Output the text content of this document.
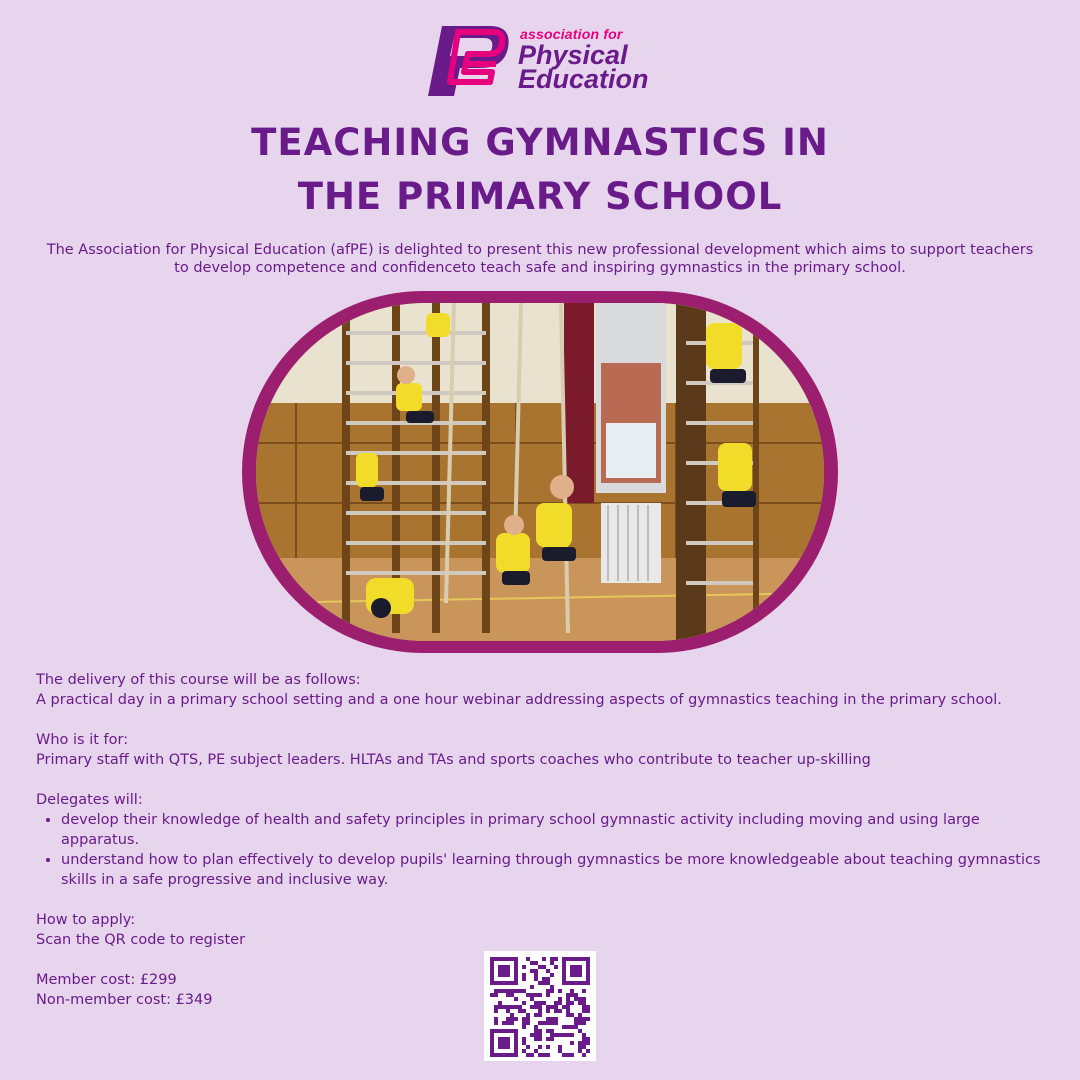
association for
Physical
Education
TEACHING GYMNASTICS IN
THE PRIMARY SCHOOL
The Association for Physical Education (afPE) is delighted to present this new professional development which aims to support teachers to develop competence and confidenceto teach safe and inspiring gymnastics in the primary school.

The delivery of this course will be as follows:

A practical day in a primary school setting and a one hour webinar addressing aspects of gymnastics teaching in the primary school.

Who is it for:

Primary staff with QTS, PE subject leaders. HLTAs and TAs and sports coaches who contribute to teacher up-skilling

Delegates will:

• develop their knowledge of health and safety principles in primary school gymnastic activity including moving and using large apparatus.
• understand how to plan effectively to develop pupils' learning through gymnastics be more knowledgeable about teaching gymnastics skills in a safe progressive and inclusive way.

How to apply:

Scan the QR code to register

Member cost: £299

Non-member cost: £349
